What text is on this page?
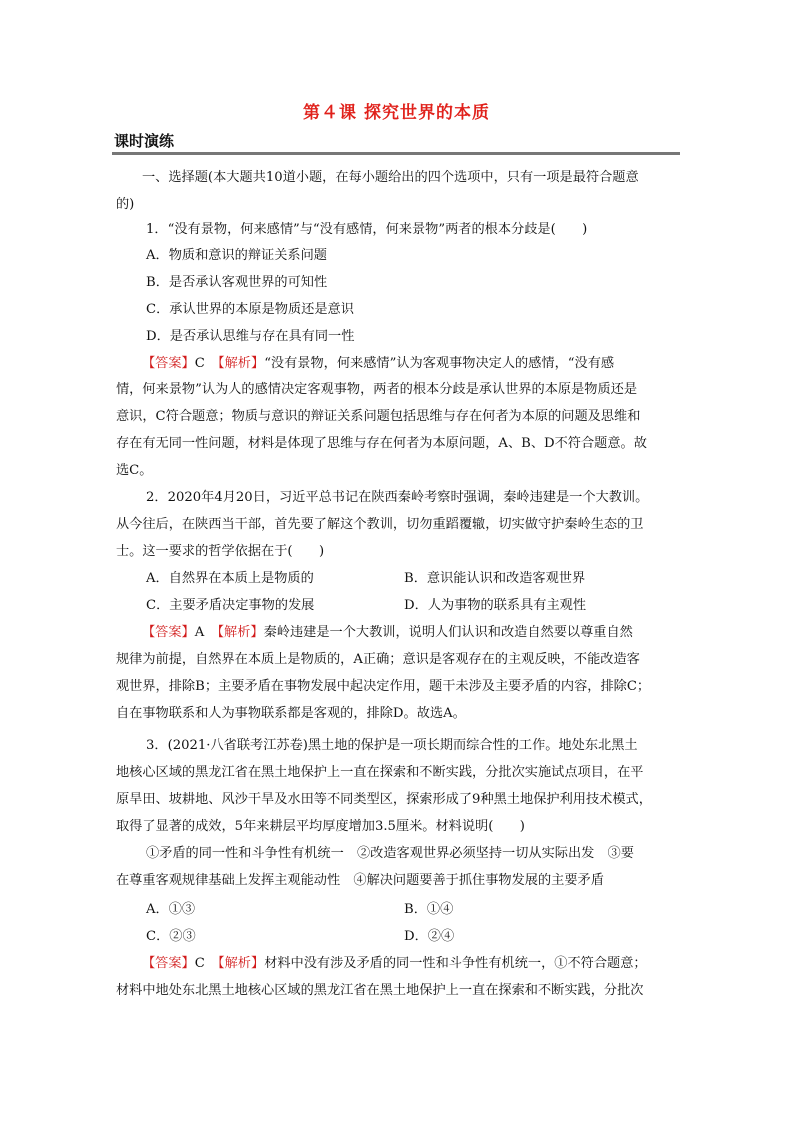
第４课 探究世界的本质
课时演练
一、选择题(本大题共10道小题，在每小题给出的四个选项中，只有一项是最符合题意
的)
1．“没有景物，何来感情”与“没有感情，何来景物”两者的根本分歧是(　　)
A．物质和意识的辩证关系问题
B．是否承认客观世界的可知性
C．承认世界的本原是物质还是意识
D．是否承认思维与存在具有同一性
【答案】C　 【解析】“没有景物，何来感情”认为客观事物决定人的感情，“没有感
情，何来景物”认为人的感情决定客观事物，两者的根本分歧是承认世界的本原是物质还是
意识，C符合题意；物质与意识的辩证关系问题包括思维与存在何者为本原的问题及思维和
存在有无同一性问题，材料是体现了思维与存在何者为本原问题，A、B、D不符合题意。故
选C。
2．2020年4月20日，习近平总书记在陕西秦岭考察时强调，秦岭违建是一个大教训。
从今往后，在陕西当干部，首先要了解这个教训，切勿重蹈覆辙，切实做守护秦岭生态的卫
士。这一要求的哲学依据在于(　　)
A．自然界在本质上是物质的	B．意识能认识和改造客观世界
C．主要矛盾决定事物的发展	D．人为事物的联系具有主观性
【答案】A　 【解析】秦岭违建是一个大教训，说明人们认识和改造自然要以尊重自然
规律为前提，自然界在本质上是物质的，A正确；意识是客观存在的主观反映，不能改造客
观世界，排除B；主要矛盾在事物发展中起决定作用，题干未涉及主要矛盾的内容，排除C；
自在事物联系和人为事物联系都是客观的，排除D。故选A。
3．(2021·八省联考江苏卷)黑土地的保护是一项长期而综合性的工作。地处东北黑土
地核心区域的黑龙江省在黑土地保护上一直在探索和不断实践，分批次实施试点项目，在平
原旱田、坡耕地、风沙干旱及水田等不同类型区，探索形成了9种黑土地保护利用技术模式，
取得了显著的成效，5年来耕层平均厚度增加3.5厘米。材料说明(　　)
①矛盾的同一性和斗争性有机统一　②改造客观世界必须坚持一切从实际出发　③要
在尊重客观规律基础上发挥主观能动性　④解决问题要善于抓住事物发展的主要矛盾
A．①③	B．①④
C．②③	D．②④
【答案】C　 【解析】材料中没有涉及矛盾的同一性和斗争性有机统一，①不符合题意；
材料中地处东北黑土地核心区域的黑龙江省在黑土地保护上一直在探索和不断实践，分批次
